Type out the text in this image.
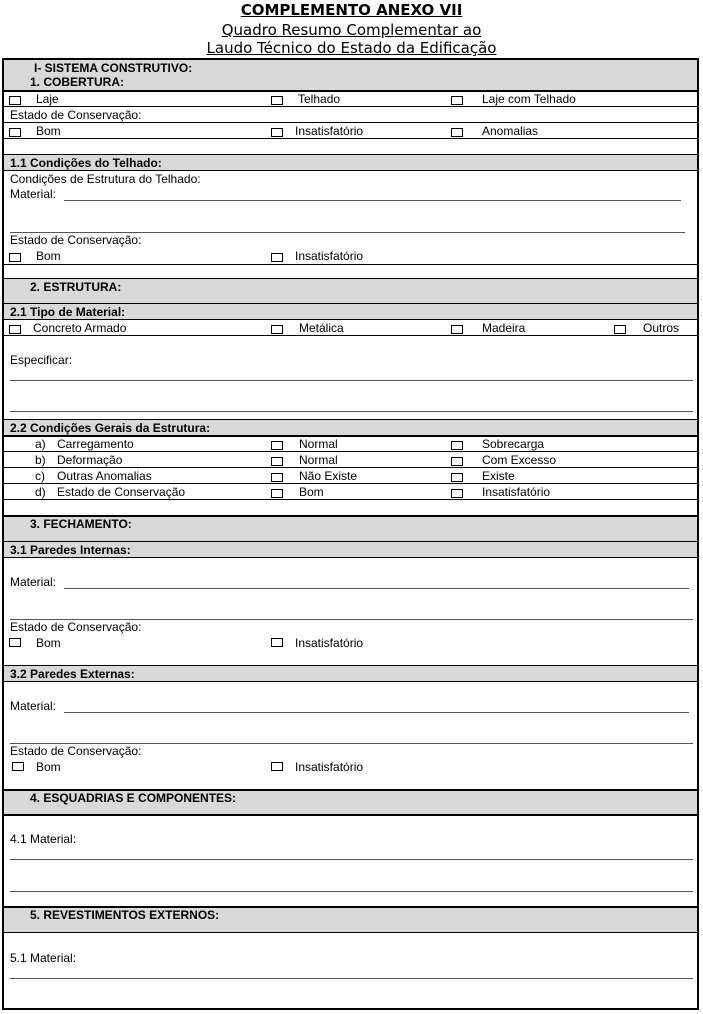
COMPLEMENTO ANEXO VII
Quadro Resumo Complementar ao
Laudo Técnico do Estado da Edificação
I- SISTEMA CONSTRUTIVO:
1. COBERTURA:
Laje	Telhado	Laje com Telhado
Estado de Conservação:
Bom	Insatisfatório	Anomalias
1.1 Condições do Telhado:
Condições de Estrutura do Telhado:
Material:
Estado de Conservação:
Bom	Insatisfatório
2. ESTRUTURA:
2.1 Tipo de Material:
Concreto Armado	Metálica	Madeira	Outros
Especificar:
2.2 Condições Gerais da Estrutura:
a) Carregamento	Normal	Sobrecarga
b) Deformação	Normal	Com Excesso
c) Outras Anomalias	Não Existe	Existe
d) Estado de Conservação	Bom	Insatisfatório
3. FECHAMENTO:
3.1 Paredes Internas:
Material:
Estado de Conservação:
Bom	Insatisfatório
3.2 Paredes Externas:
Material:
Estado de Conservação:
Bom	Insatisfatório
4. ESQUADRIAS E COMPONENTES:
4.1 Material:
5. REVESTIMENTOS EXTERNOS:
5.1 Material:
